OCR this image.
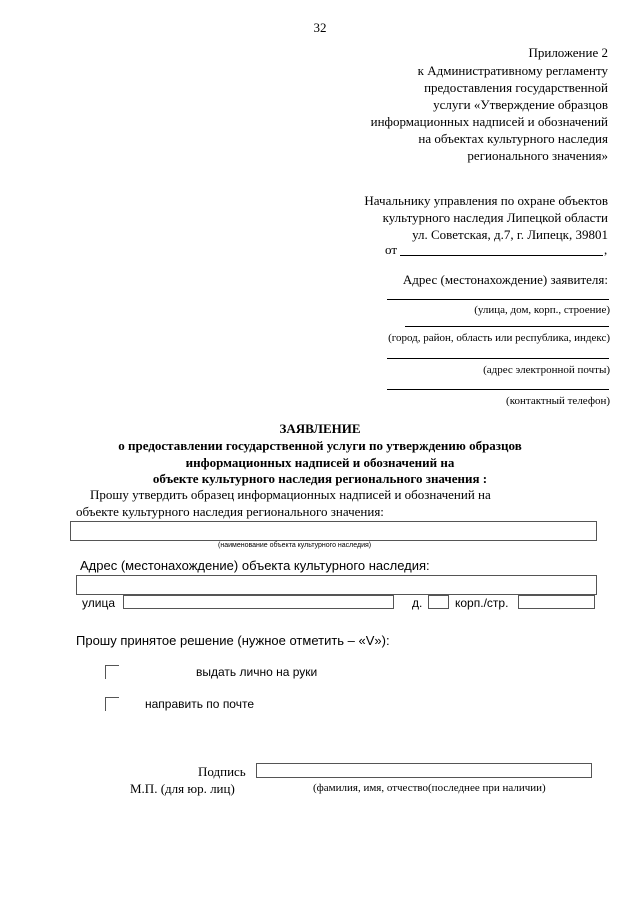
32
Приложение 2
к Административному регламенту
предоставления государственной
услуги «Утверждение образцов
информационных надписей и обозначений
на объектах культурного наследия
регионального значения»
Начальнику управления по охране объектов
культурного наследия Липецкой области
ул. Советская, д.7, г. Липецк, 39801
от	,
Адрес (местонахождение) заявителя:
(улица, дом, корп., строение)
(город, район, область или республика, индекс)
(адрес электронной почты)
(контактный телефон)
ЗАЯВЛЕНИЕ
о предоставлении государственной услуги по утверждению образцов
информационных надписей и обозначений на
объекте культурного наследия регионального значения :
Прошу утвердить образец информационных надписей и обозначений на
объекте культурного наследия регионального значения:
(наименование объекта культурного наследия)
Адрес (местонахождение) объекта культурного наследия:
улица	д.	корп./стр.
Прошу принятое решение (нужное отметить – «V»):
выдать лично на руки
направить по почте
Подпись
М.П. (для юр. лиц)	(фамилия, имя, отчество(последнее при наличии)
